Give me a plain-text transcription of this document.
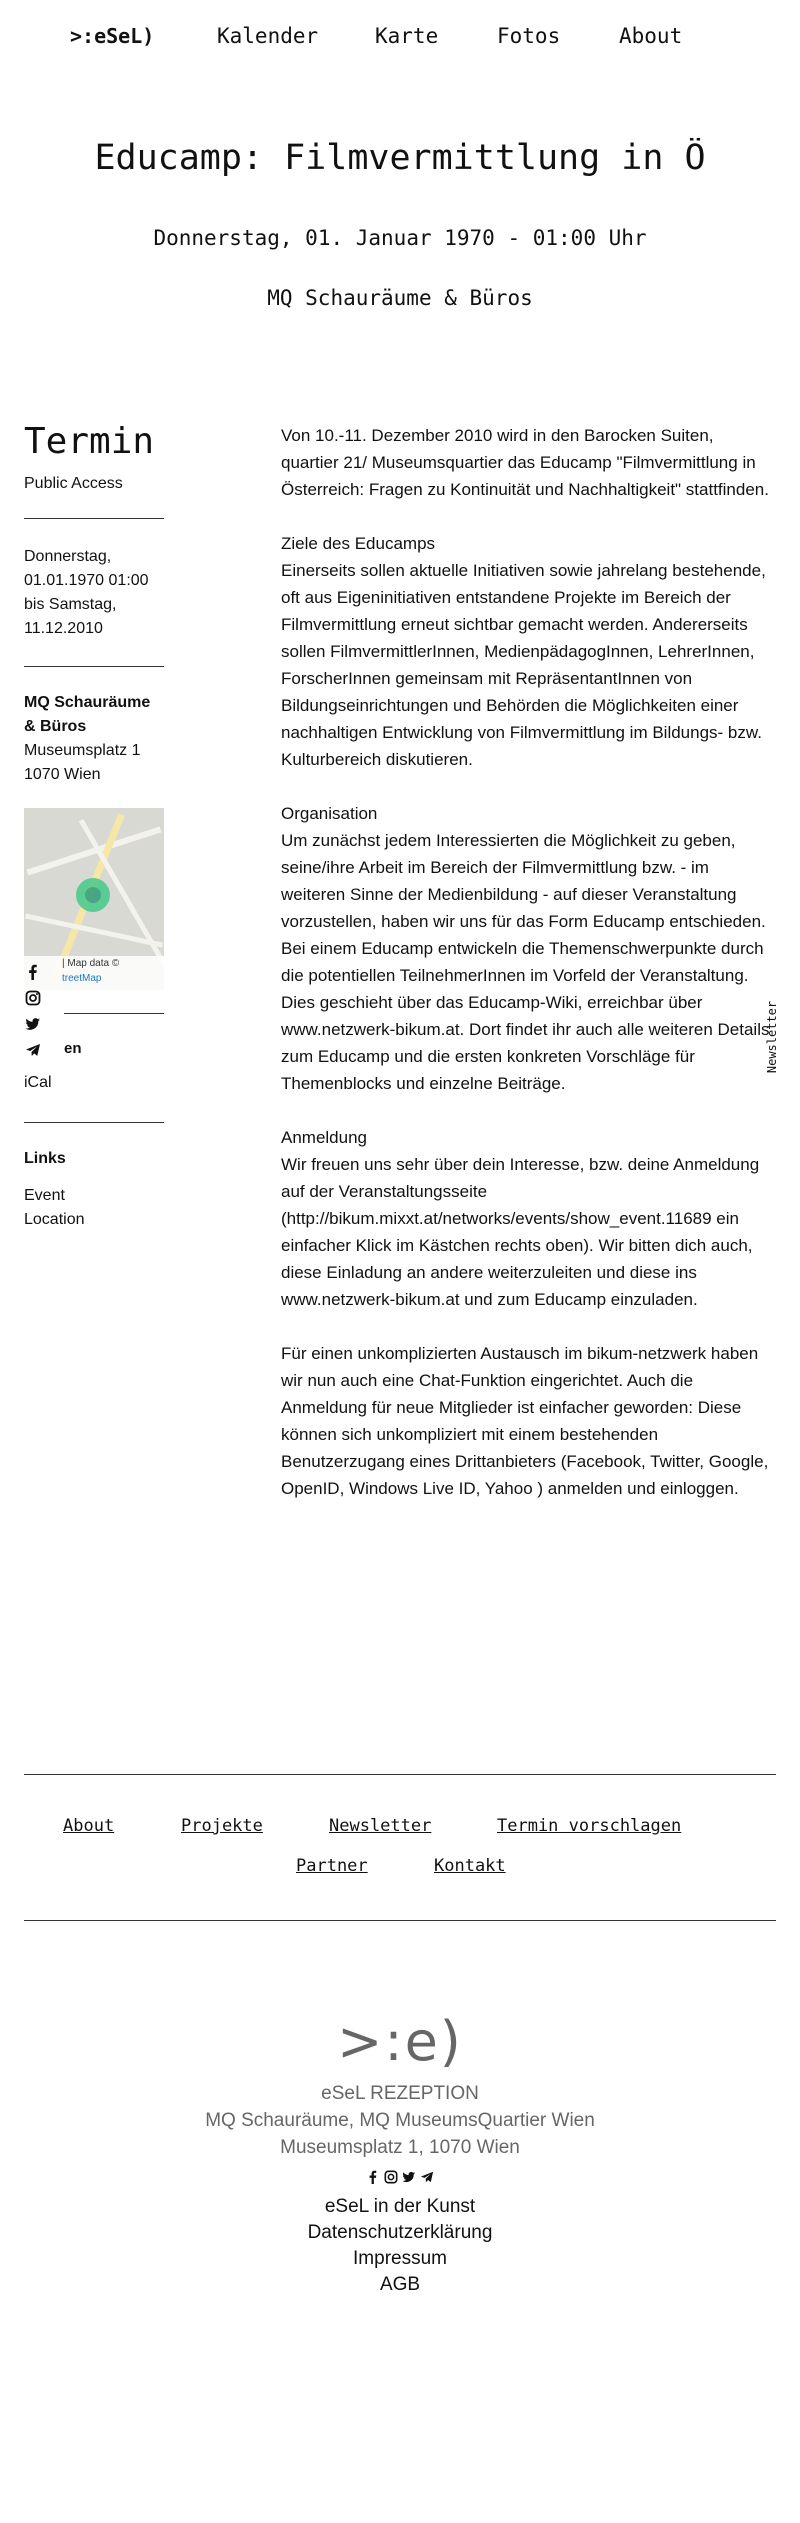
>:eSeL)	Kalender	Karte	Fotos	About
Educamp: Filmvermittlung in Ö
Donnerstag, 01. Januar 1970 - 01:00 Uhr
MQ Schauräume & Büros
Termin
Public Access
Donnerstag,
01.01.1970 01:00
bis Samstag,
11.12.2010
MQ Schauräume
& Büros
Museumsplatz 1
1070 Wien
| Map data ©
treetMap
en
iCal
Links
Event
Location

Von 10.-11. Dezember 2010 wird in den Barocken Suiten, quartier 21/ Museumsquartier das Educamp "Filmvermittlung in Österreich: Fragen zu Kontinuität und Nachhaltigkeit" stattfinden.

Ziele des Educamps
Einerseits sollen aktuelle Initiativen sowie jahrelang bestehende, oft aus Eigeninitiativen entstandene Projekte im Bereich der Filmvermittlung erneut sichtbar gemacht werden. Andererseits sollen FilmvermittlerInnen, MedienpädagogInnen, LehrerInnen, ForscherInnen gemeinsam mit RepräsentantInnen von Bildungseinrichtungen und Behörden die Möglichkeiten einer nachhaltigen Entwicklung von Filmvermittlung im Bildungs- bzw. Kulturbereich diskutieren.

Organisation
Um zunächst jedem Interessierten die Möglichkeit zu geben, seine/ihre Arbeit im Bereich der Filmvermittlung bzw. - im weiteren Sinne der Medienbildung - auf dieser Veranstaltung vorzustellen, haben wir uns für das Form Educamp entschieden. Bei einem Educamp entwickeln die Themenschwerpunkte durch die potentiellen TeilnehmerInnen im Vorfeld der Veranstaltung. Dies geschieht über das Educamp-Wiki, erreichbar über www.netzwerk-bikum.at. Dort findet ihr auch alle weiteren Details zum Educamp und die ersten konkreten Vorschläge für Themenblocks und einzelne Beiträge.

Anmeldung
Wir freuen uns sehr über dein Interesse, bzw. deine Anmeldung auf der Veranstaltungsseite (http://bikum.mixxt.at/networks/events/show_event.11689 ein einfacher Klick im Kästchen rechts oben). Wir bitten dich auch, diese Einladung an andere weiterzuleiten und diese ins www.netzwerk-bikum.at und zum Educamp einzuladen.

Für einen unkomplizierten Austausch im bikum-netzwerk haben wir nun auch eine Chat-Funktion eingerichtet. Auch die Anmeldung für neue Mitglieder ist einfacher geworden: Diese können sich unkompliziert mit einem bestehenden Benutzerzugang eines Drittanbieters (Facebook, Twitter, Google, OpenID, Windows Live ID, Yahoo ) anmelden und einloggen.

Newsletter
About	Projekte	Newsletter	Termin vorschlagen
Partner	Kontakt
>:e)
eSeL REZEPTION
MQ Schauräume, MQ MuseumsQuartier Wien
Museumsplatz 1, 1070 Wien

eSeL in der Kunst
Datenschutzerklärung
Impressum
AGB
